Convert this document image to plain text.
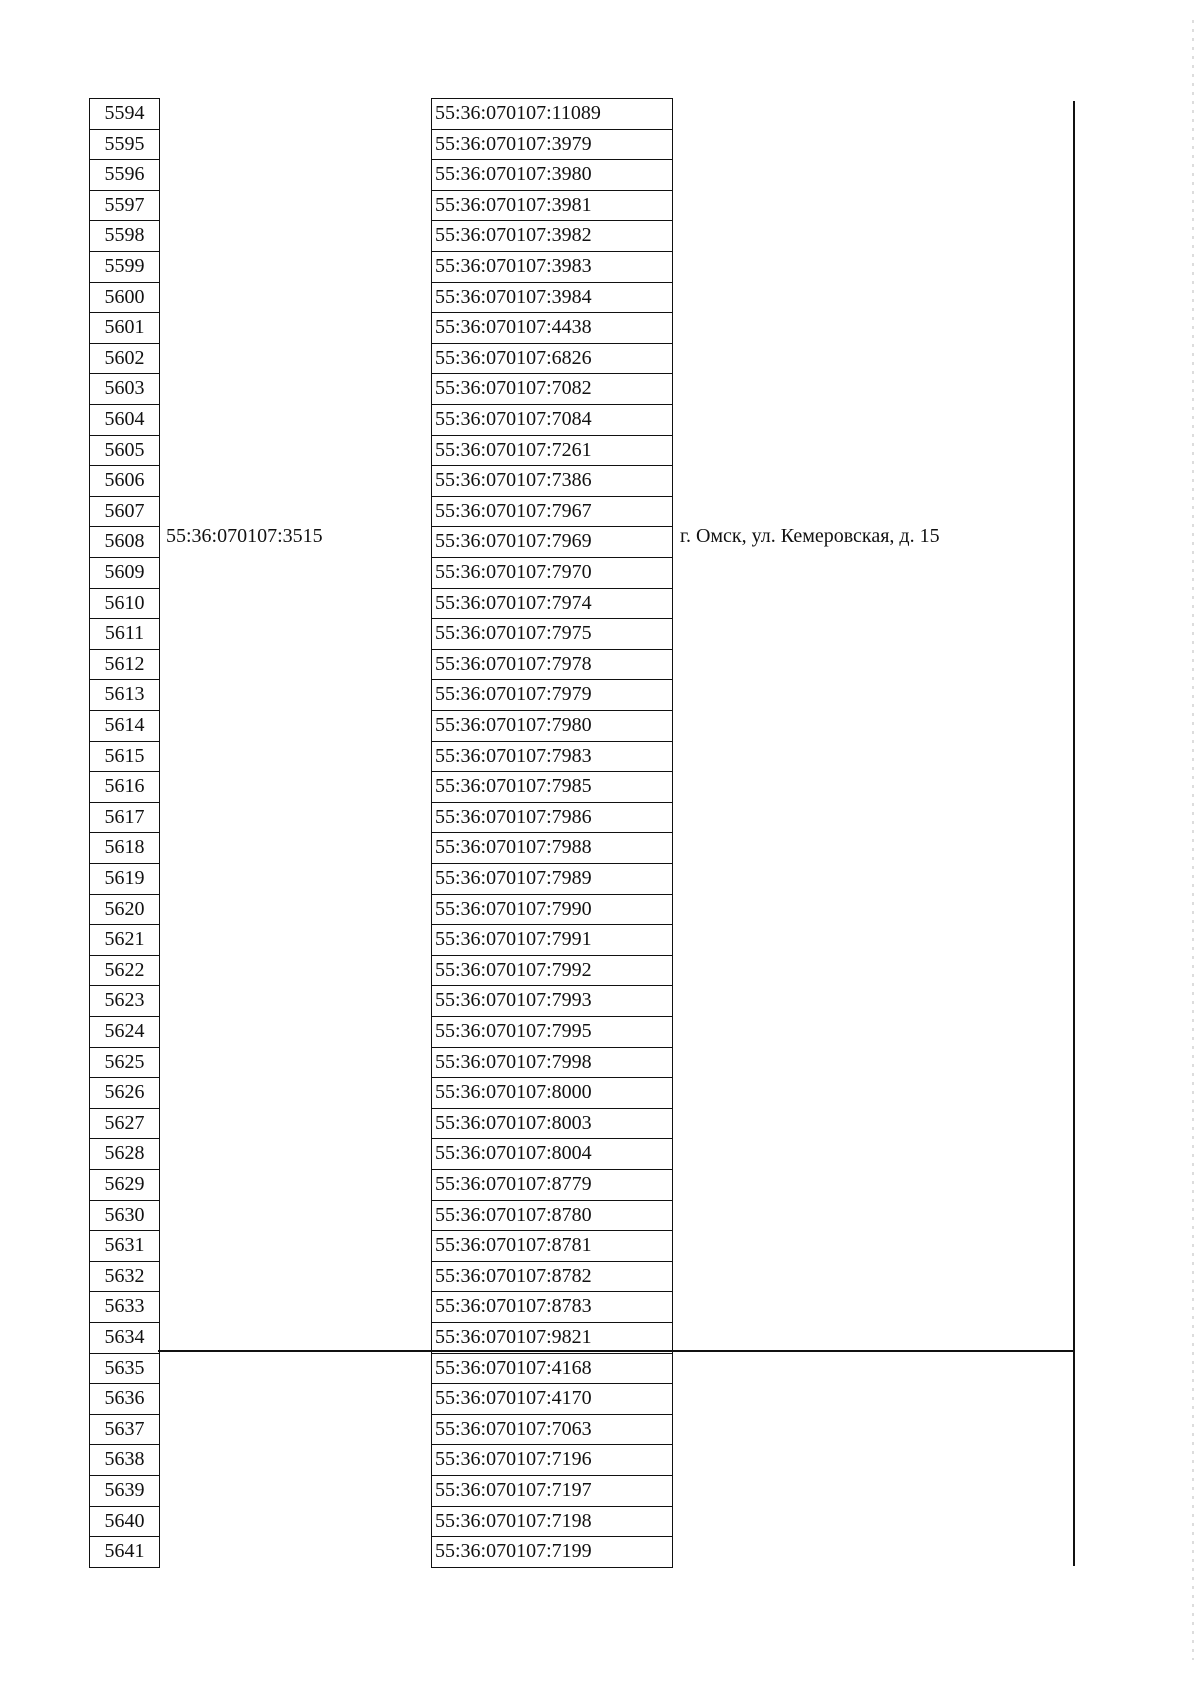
55:36:070107:3515	г. Омск, ул. Кемеровская, д. 15
5594	55:36:070107:11089
5595	55:36:070107:3979
5596	55:36:070107:3980
5597	55:36:070107:3981
5598	55:36:070107:3982
5599	55:36:070107:3983
5600	55:36:070107:3984
5601	55:36:070107:4438
5602	55:36:070107:6826
5603	55:36:070107:7082
5604	55:36:070107:7084
5605	55:36:070107:7261
5606	55:36:070107:7386
5607	55:36:070107:7967
5608	55:36:070107:7969
5609	55:36:070107:7970
5610	55:36:070107:7974
5611	55:36:070107:7975
5612	55:36:070107:7978
5613	55:36:070107:7979
5614	55:36:070107:7980
5615	55:36:070107:7983
5616	55:36:070107:7985
5617	55:36:070107:7986
5618	55:36:070107:7988
5619	55:36:070107:7989
5620	55:36:070107:7990
5621	55:36:070107:7991
5622	55:36:070107:7992
5623	55:36:070107:7993
5624	55:36:070107:7995
5625	55:36:070107:7998
5626	55:36:070107:8000
5627	55:36:070107:8003
5628	55:36:070107:8004
5629	55:36:070107:8779
5630	55:36:070107:8780
5631	55:36:070107:8781
5632	55:36:070107:8782
5633	55:36:070107:8783
5634	55:36:070107:9821
5635	55:36:070107:4168
5636	55:36:070107:4170
5637	55:36:070107:7063
5638	55:36:070107:7196
5639	55:36:070107:7197
5640	55:36:070107:7198
5641	55:36:070107:7199
